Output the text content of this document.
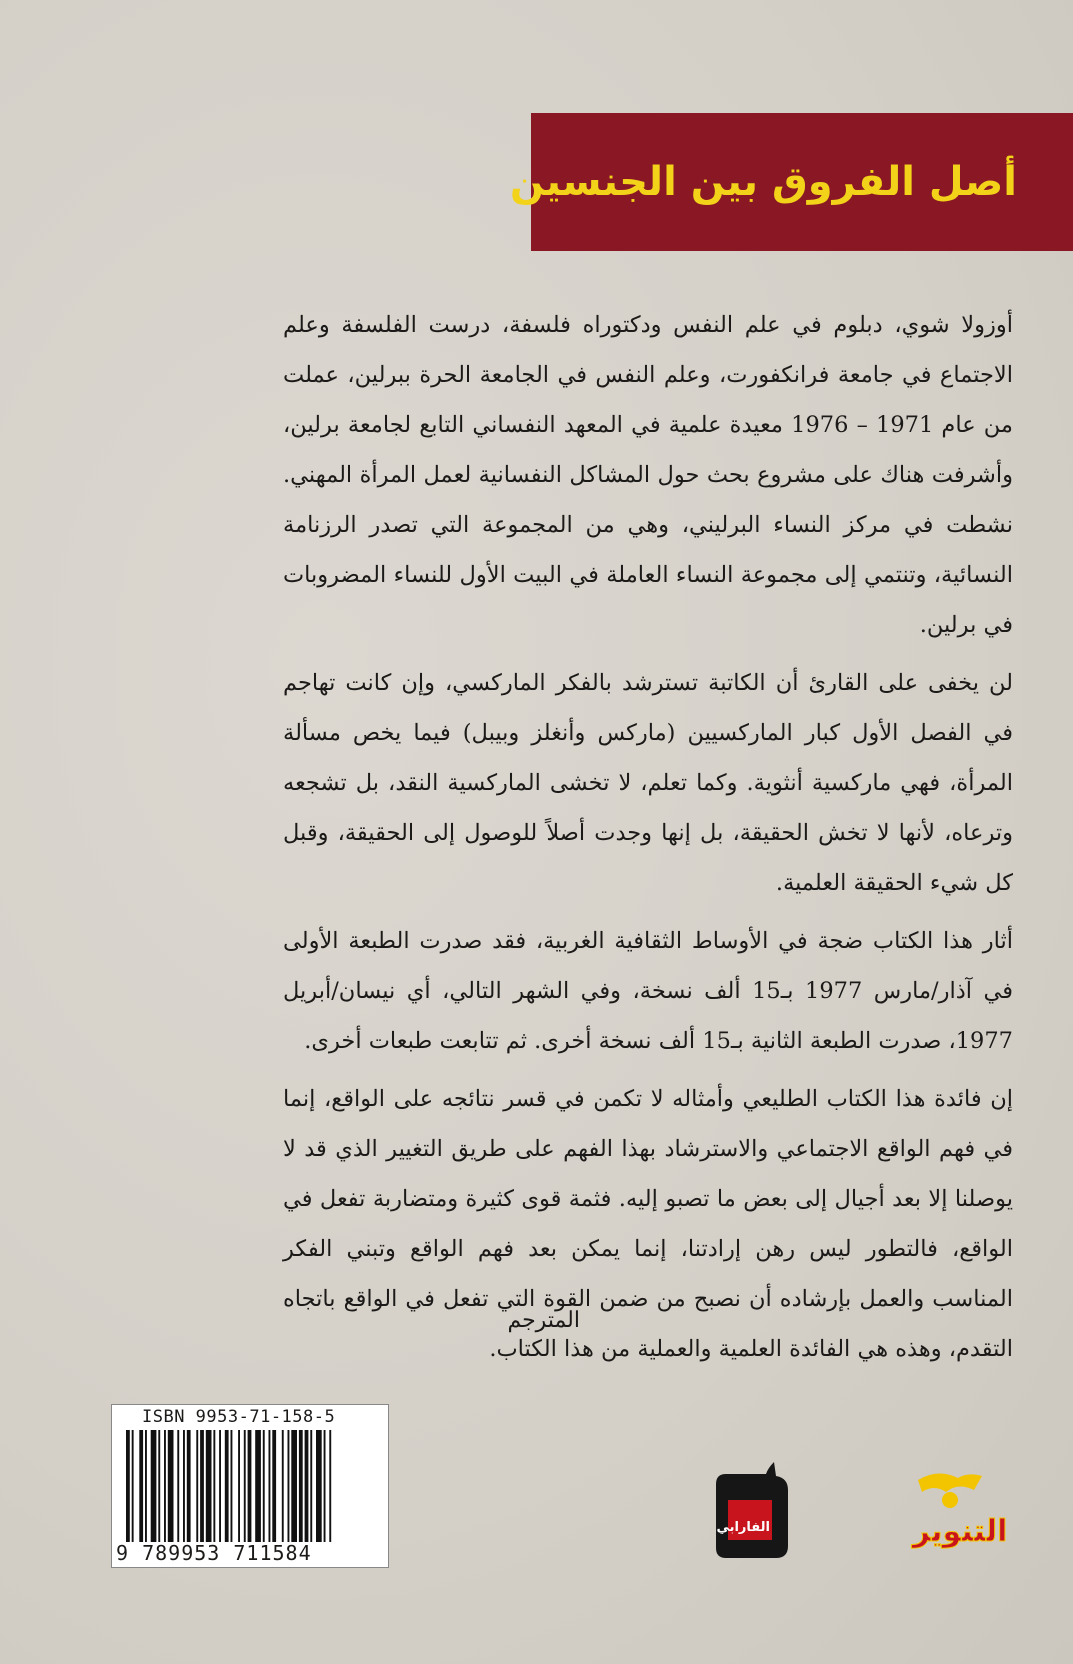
أصل الفروق بين الجنسين

أوزولا شوي، دبلوم في علم النفس ودكتوراه فلسفة، درست الفلسفة وعلم الاجتماع في جامعة فرانكفورت، وعلم النفس في الجامعة الحرة ببرلين، عملت من عام 1971 – 1976 معيدة علمية في المعهد النفساني التابع لجامعة برلين، وأشرفت هناك على مشروع بحث حول المشاكل النفسانية لعمل المرأة المهني. نشطت في مركز النساء البرليني، وهي من المجموعة التي تصدر الرزنامة النسائية، وتنتمي إلى مجموعة النساء العاملة في البيت الأول للنساء المضروبات في برلين.

لن يخفى على القارئ أن الكاتبة تسترشد بالفكر الماركسي، وإن كانت تهاجم في الفصل الأول كبار الماركسيين (ماركس وأنغلز وبيبل) فيما يخص مسألة المرأة، فهي ماركسية أنثوية. وكما تعلم، لا تخشى الماركسية النقد، بل تشجعه وترعاه، لأنها لا تخش الحقيقة، بل إنها وجدت أصلاً للوصول إلى الحقيقة، وقبل كل شيء الحقيقة العلمية.

أثار هذا الكتاب ضجة في الأوساط الثقافية الغربية، فقد صدرت الطبعة الأولى في آذار/مارس 1977 بـ15 ألف نسخة، وفي الشهر التالي، أي نيسان/أبريل 1977، صدرت الطبعة الثانية بـ15 ألف نسخة أخرى. ثم تتابعت طبعات أخرى.

إن فائدة هذا الكتاب الطليعي وأمثاله لا تكمن في قسر نتائجه على الواقع، إنما في فهم الواقع الاجتماعي والاسترشاد بهذا الفهم على طريق التغيير الذي قد لا يوصلنا إلا بعد أجيال إلى بعض ما تصبو إليه. فثمة قوى كثيرة ومتضاربة تفعل في الواقع، فالتطور ليس رهن إرادتنا، إنما يمكن بعد فهم الواقع وتبني الفكر المناسب والعمل بإرشاده أن نصبح من ضمن القوة التي تفعل في الواقع باتجاه التقدم، وهذه هي الفائدة العلمية والعملية من هذا الكتاب.

المترجم
ISBN 9953-71-158-5
9 789953 711584
الفارابي	التنوير
